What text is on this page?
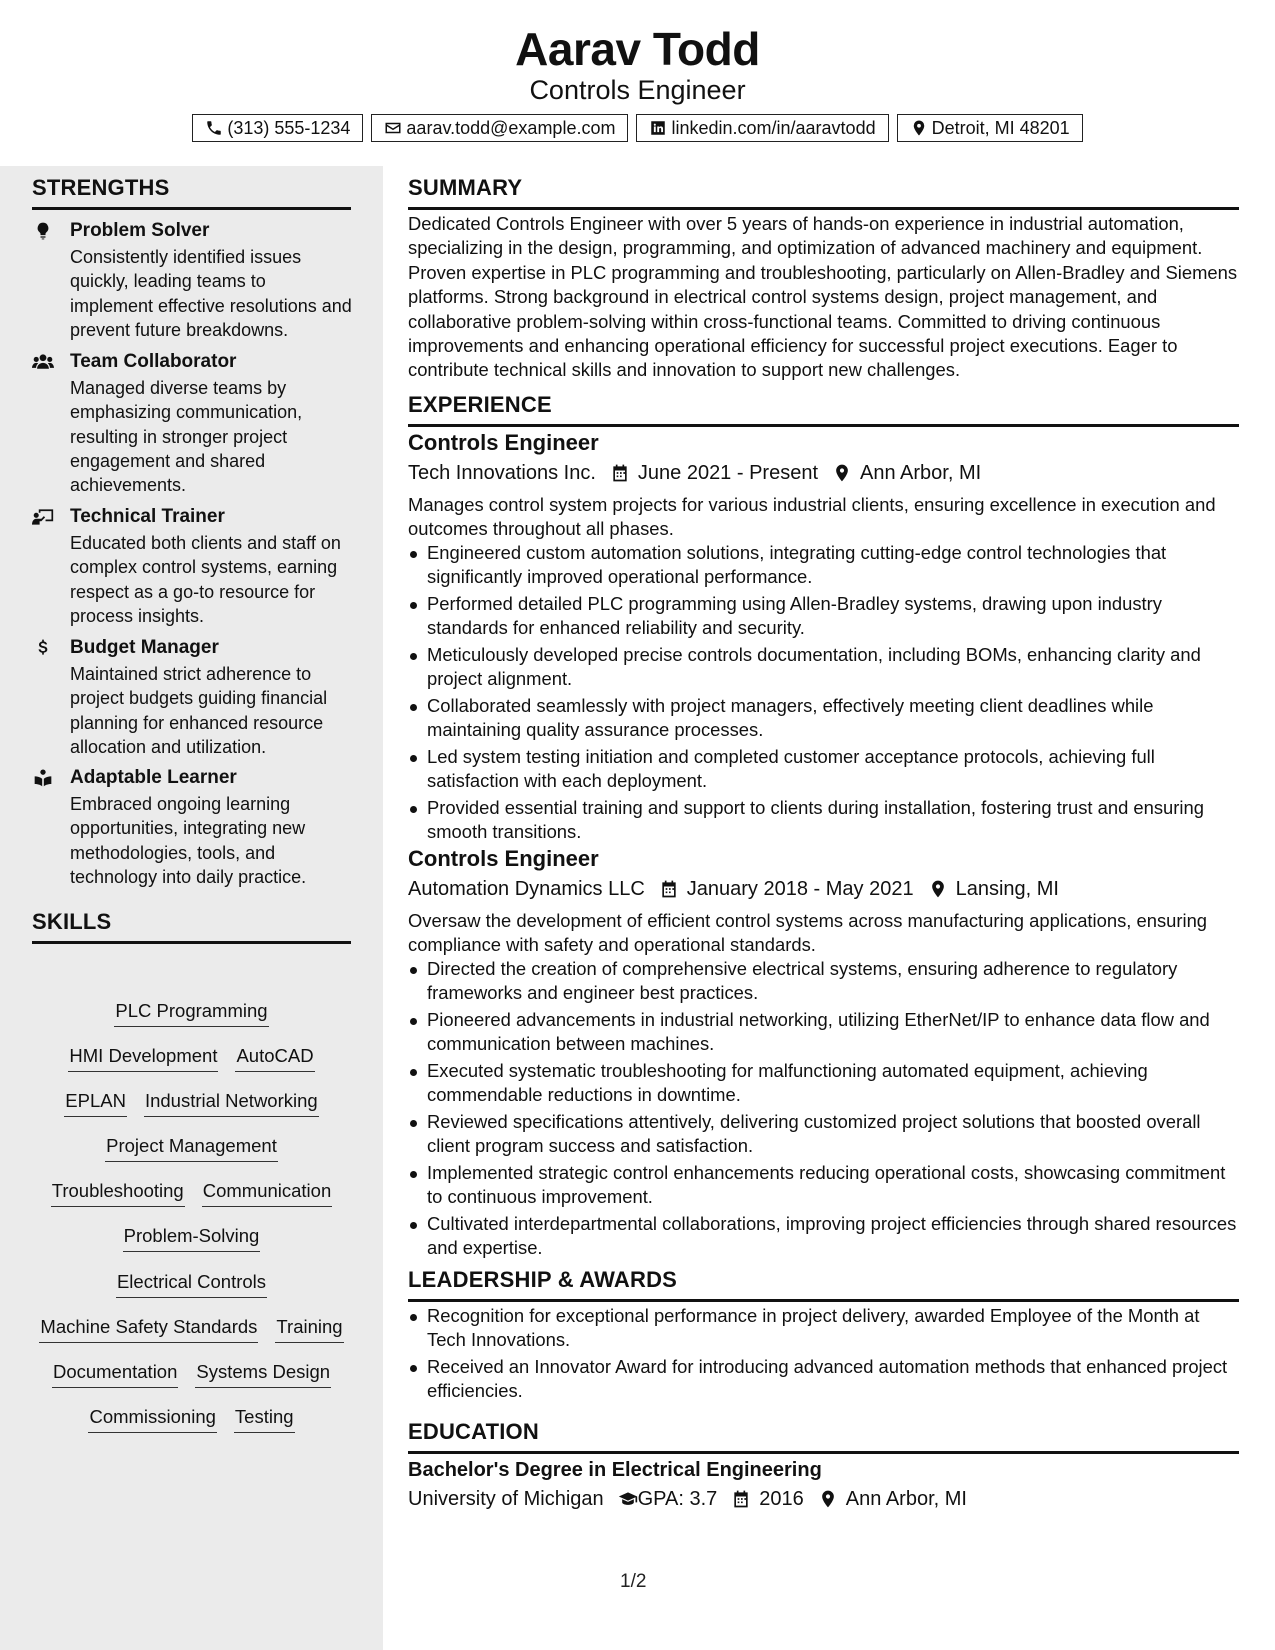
Aarav Todd
Controls Engineer
(313) 555-1234	aarav.todd@example.com	linkedin.com/in/aaravtodd	Detroit, MI 48201
STRENGTHS
Problem Solver
Consistently identified issues quickly, leading teams to implement effective resolutions and prevent future breakdowns.
Team Collaborator
Managed diverse teams by emphasizing communication, resulting in stronger project engagement and shared achievements.
Technical Trainer
Educated both clients and staff on complex control systems, earning respect as a go-to resource for process insights.
Budget Manager
Maintained strict adherence to project budgets guiding financial planning for enhanced resource allocation and utilization.
Adaptable Learner
Embraced ongoing learning opportunities, integrating new methodologies, tools, and technology into daily practice.
SKILLS
PLC Programming
HMI Development AutoCAD
EPLAN Industrial Networking
Project Management
Troubleshooting Communication
Problem-Solving
Electrical Controls
Machine Safety Standards Training
Documentation Systems Design
Commissioning Testing
SUMMARY
Dedicated Controls Engineer with over 5 years of hands-on experience in industrial automation, specializing in the design, programming, and optimization of advanced machinery and equipment. Proven expertise in PLC programming and troubleshooting, particularly on Allen-Bradley and Siemens platforms. Strong background in electrical control systems design, project management, and collaborative problem-solving within cross-functional teams. Committed to driving continuous improvements and enhancing operational efficiency for successful project executions. Eager to contribute technical skills and innovation to support new challenges.
EXPERIENCE
Controls Engineer
Tech Innovations Inc. June 2021 - Present Ann Arbor, MI
Manages control system projects for various industrial clients, ensuring excellence in execution and outcomes throughout all phases.
Engineered custom automation solutions, integrating cutting-edge control technologies that significantly improved operational performance.
Performed detailed PLC programming using Allen-Bradley systems, drawing upon industry standards for enhanced reliability and security.
Meticulously developed precise controls documentation, including BOMs, enhancing clarity and project alignment.
Collaborated seamlessly with project managers, effectively meeting client deadlines while maintaining quality assurance processes.
Led system testing initiation and completed customer acceptance protocols, achieving full satisfaction with each deployment.
Provided essential training and support to clients during installation, fostering trust and ensuring smooth transitions.
Controls Engineer
Automation Dynamics LLC January 2018 - May 2021 Lansing, MI
Oversaw the development of efficient control systems across manufacturing applications, ensuring compliance with safety and operational standards.
Directed the creation of comprehensive electrical systems, ensuring adherence to regulatory frameworks and engineer best practices.
Pioneered advancements in industrial networking, utilizing EtherNet/IP to enhance data flow and communication between machines.
Executed systematic troubleshooting for malfunctioning automated equipment, achieving commendable reductions in downtime.
Reviewed specifications attentively, delivering customized project solutions that boosted overall client program success and satisfaction.
Implemented strategic control enhancements reducing operational costs, showcasing commitment to continuous improvement.
Cultivated interdepartmental collaborations, improving project efficiencies through shared resources and expertise.
LEADERSHIP & AWARDS
Recognition for exceptional performance in project delivery, awarded Employee of the Month at Tech Innovations.
Received an Innovator Award for introducing advanced automation methods that enhanced project efficiencies.
EDUCATION
Bachelor's Degree in Electrical Engineering
University of Michigan GPA: 3.7 2016 Ann Arbor, MI
1/2
